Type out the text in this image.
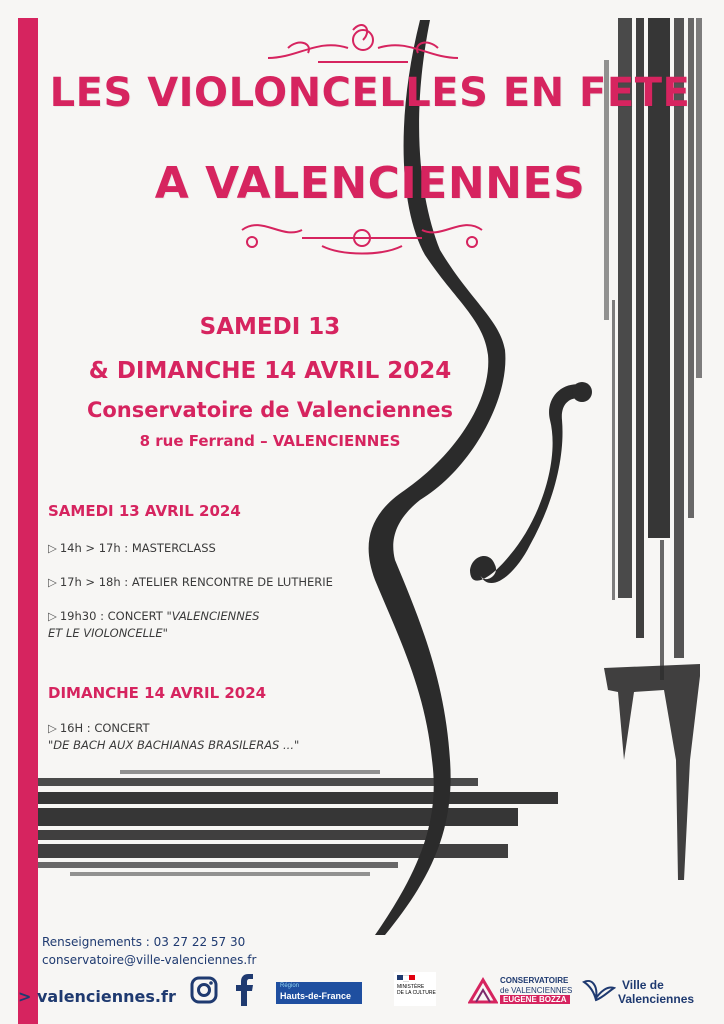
LES VIOLONCELLES EN FETE
A VALENCIENNES
SAMEDI 13
& DIMANCHE 14 AVRIL 2024
Conservatoire de Valenciennes
8 rue Ferrand – VALENCIENNES
SAMEDI 13 AVRIL 2024
▷ 14h > 17h : MASTERCLASS
▷ 17h > 18h : ATELIER RENCONTRE DE LUTHERIE
▷ 19h30 : CONCERT "VALENCIENNES
ET LE VIOLONCELLE"
DIMANCHE 14 AVRIL 2024
▷ 16H : CONCERT
"DE BACH AUX BACHIANAS BRASILERAS ..."
Renseignements : 03 27 22 57 30
conservatoire@ville-valenciennes.fr
> valenciennes.fr
Région
Hauts-de-France
MINISTÈRE
DE LA CULTURE
CONSERVATOIRE
de VALENCIENNES
EUGENE BOZZA
Ville de
Valenciennes
